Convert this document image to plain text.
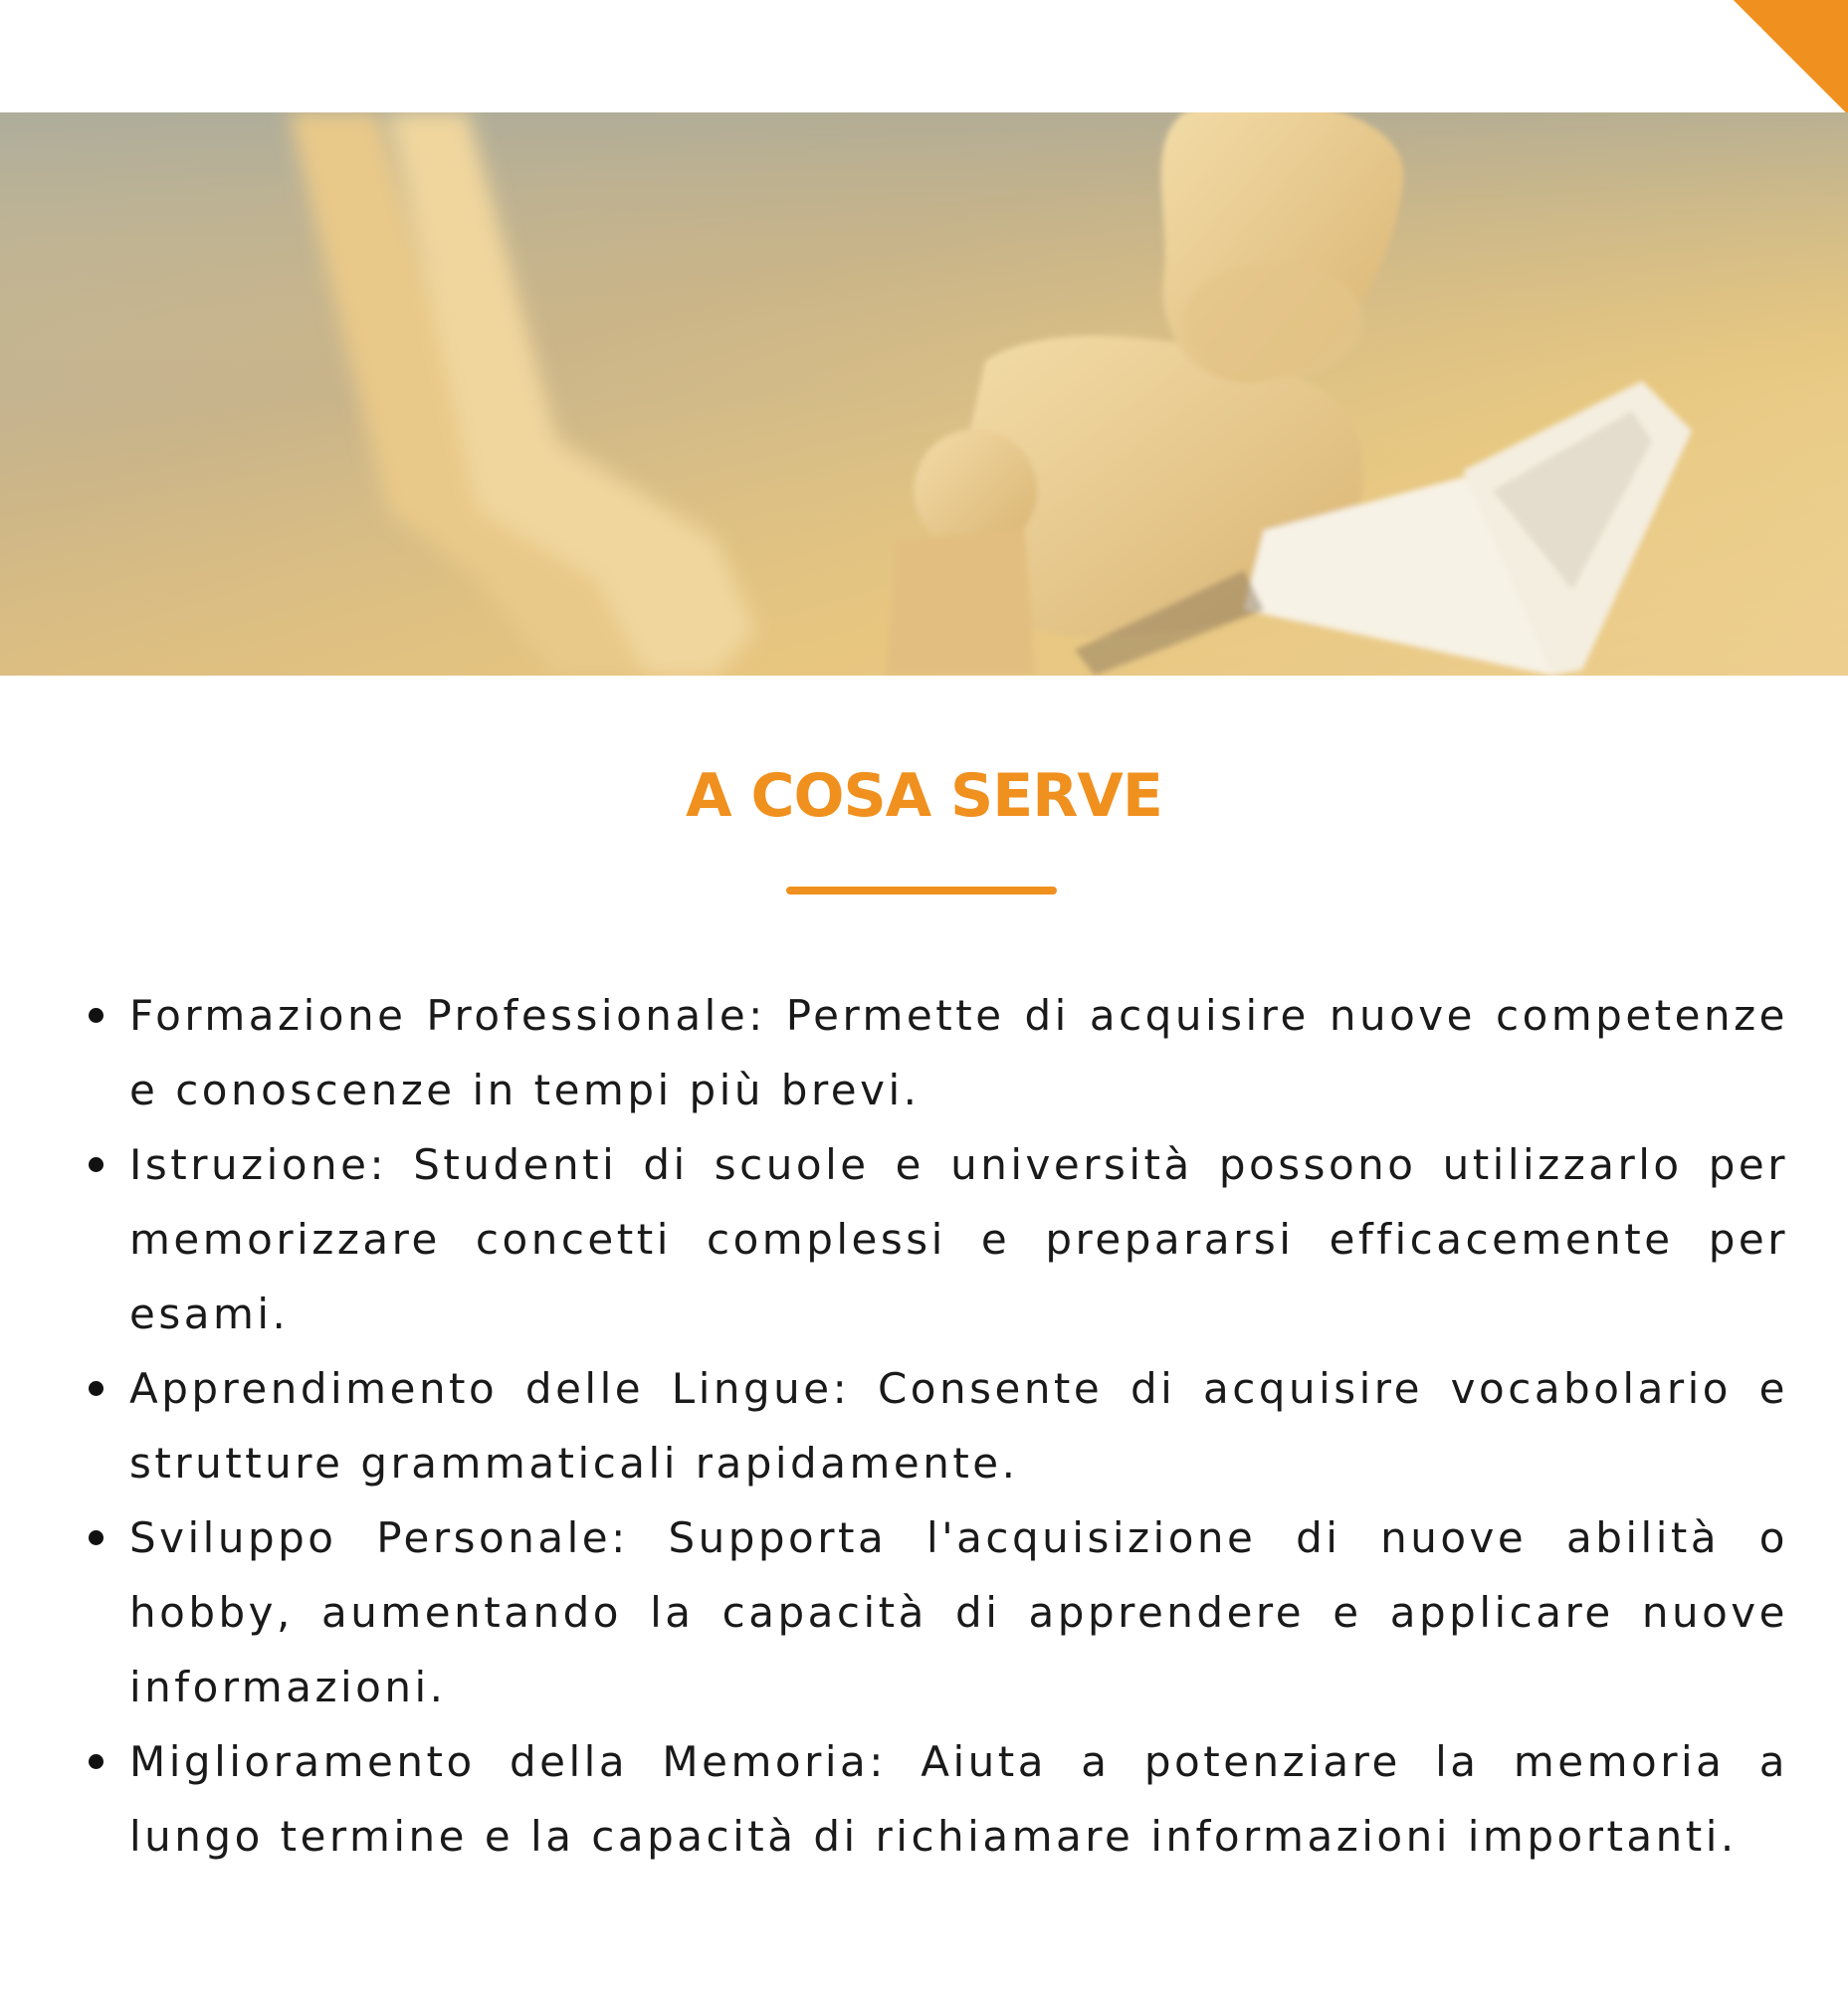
A COSA SERVE
Formazione Professionale: Permette di acquisire nuove competenze e conoscenze in tempi più brevi.
Istruzione: Studenti di scuole e università possono utilizzarlo per memorizzare concetti complessi e prepararsi efficacemente per esami.
Apprendimento delle Lingue: Consente di acquisire vocabolario e strutture grammaticali rapidamente.
Sviluppo Personale: Supporta l'acquisizione di nuove abilità o hobby, aumentando la capacità di apprendere e applicare nuove informazioni.
Miglioramento della Memoria: Aiuta a potenziare la memoria a lungo termine e la capacità di richiamare informazioni importanti.
